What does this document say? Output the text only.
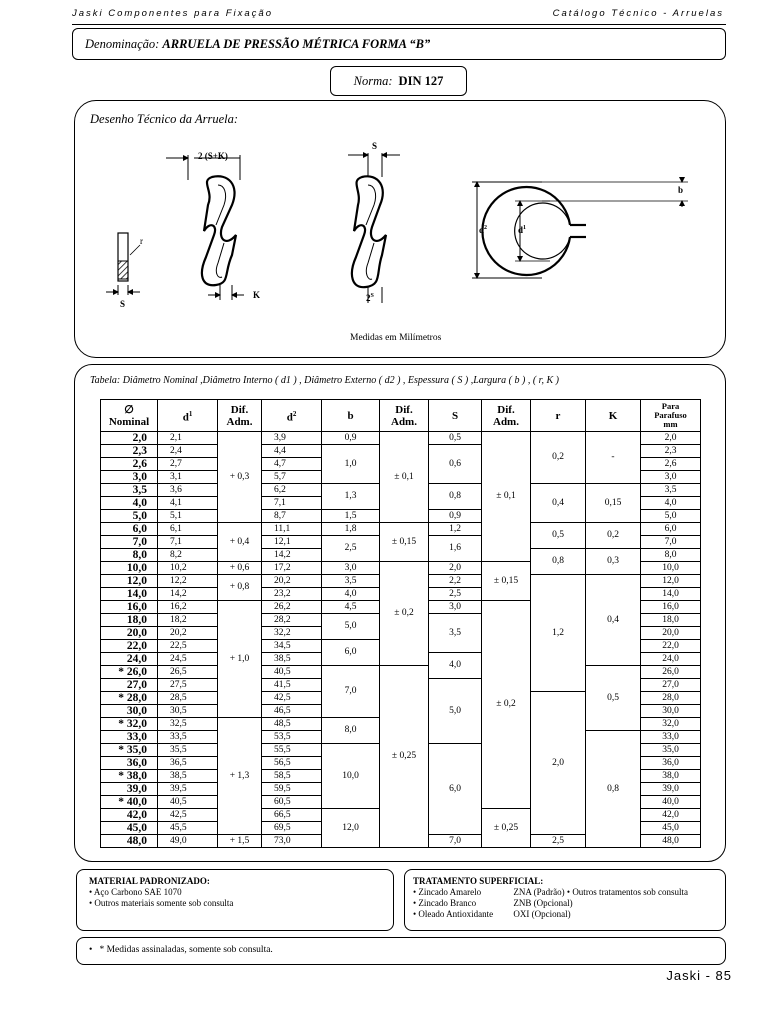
Jaski Componentes para Fixação	Catálogo Técnico - Arruelas
Denominação: ARRUELA DE PRESSÃO MÉTRICA FORMA “B”
Norma: DIN 127
Desenho Técnico da Arruela:
r
S
2 (S+K)
K
S
$2^S$
b
$d^2$	$d^1$
Medidas em Milímetros
Tabela: Diâmetro Nominal ,Diâmetro Interno ( d1 ) , Diâmetro Externo ( d2 ) , Espessura ( S ) ,Largura ( b ) , ( r, K )
∅
Nominal	$d^1$	Dif.
Adm.	$d^2$	b	Dif.
Adm.	S	Dif.
Adm.	r	K	Para
Parafuso
mm
2,0	2,1	+ 0,3	3,9	0,9	± 0,1	0,5	± 0,1	0,2	-	2,0
2,3	2,4		4,4	1,0		0,6				2,3
2,6	2,7		4,7							2,6
3,0	3,1		5,7							3,0
3,5	3,6		6,2	1,3		0,8		0,4	0,15	3,5
4,0	4,1		7,1							4,0
5,0	5,1		8,7	1,5		0,9				5,0
6,0	6,1	+ 0,4	11,1	1,8	± 0,15	1,2		0,5	0,2	6,0
7,0	7,1		12,1	2,5		1,6				7,0
8,0	8,2		14,2					0,8	0,3	8,0
10,0	10,2	+ 0,6	17,2	3,0	± 0,2	2,0	± 0,15			10,0
12,0	12,2	+ 0,8	20,2	3,5		2,2		1,2	0,4	12,0
14,0	14,2		23,2	4,0		2,5				14,0
16,0	16,2	+ 1,0	26,2	4,5		3,0	± 0,2			16,0
18,0	18,2		28,2	5,0		3,5				18,0
20,0	20,2		32,2							20,0
22,0	22,5		34,5	6,0						22,0
24,0	24,5		38,5			4,0				24,0
* 26,0	26,5		40,5	7,0	± 0,25				0,5	26,0
27,0	27,5		41,5			5,0				27,0
* 28,0	28,5		42,5					2,0		28,0
30,0	30,5		46,5							30,0
* 32,0	32,5	+ 1,3	48,5	8,0						32,0
33,0	33,5		53,5						0,8	33,0
* 35,0	35,5		55,5	10,0		6,0				35,0
36,0	36,5		56,5							36,0
* 38,0	38,5		58,5							38,0
39,0	39,5		59,5							39,0
* 40,0	40,5		60,5							40,0
42,0	42,5		66,5	12,0			± 0,25			42,0
45,0	45,5		69,5							45,0
48,0	49,0	+ 1,5	73,0			7,0		2,5		48,0

MATERIAL PADRONIZADO:

• Aço Carbono SAE 1070

• Outros materiais somente sob consulta

TRATAMENTO SUPERFICIAL:

• Zincado Amarelo	ZNA (Padrão) • Outros tratamentos sob consulta

• Zincado Branco	ZNB (Opcional)

• Oleado Antioxidante OXI (Opcional)

• * Medidas assinaladas, somente sob consulta.
Jaski - 85
